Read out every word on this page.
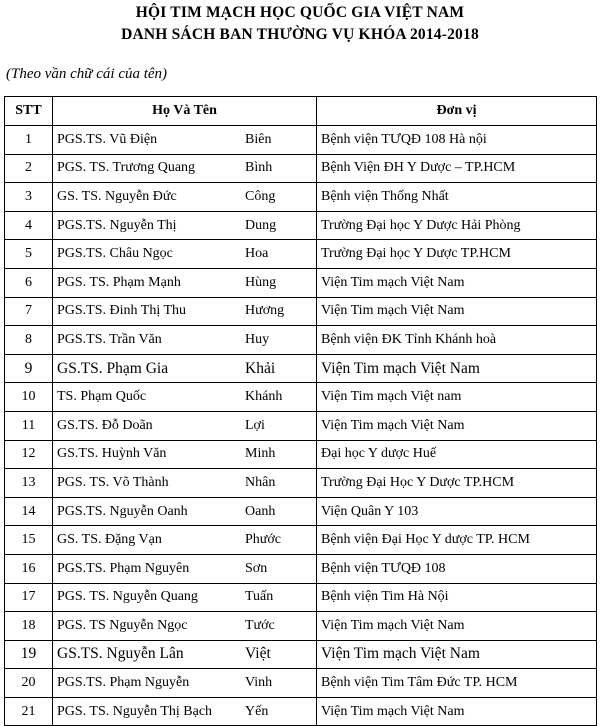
HỘI TIM MẠCH HỌC QUỐC GIA VIỆT NAM
DANH SÁCH BAN THƯỜNG VỤ KHÓA 2014-2018
(Theo vần chữ cái của tên)
STT	Họ Và Tên	Đơn vị
1	PGS.TS. Vũ Điện Biên	Bệnh viện TƯQĐ 108 Hà nội
2	PGS. TS. Trương Quang Bình	Bệnh Viện ĐH Y Dược – TP.HCM
3	GS. TS. Nguyễn Đức Công	Bệnh viện Thống Nhất
4	PGS.TS. Nguyễn Thị Dung	Trường Đại học Y Dược Hải Phòng
5	PGS.TS. Châu Ngọc Hoa	Trường Đại học Y Dược TP.HCM
6	PGS. TS. Phạm Mạnh Hùng	Viện Tim mạch Việt Nam
7	PGS.TS. Đinh Thị Thu Hương	Viện Tim mạch Việt Nam
8	PGS.TS. Trần Văn Huy	Bệnh viện ĐK Tỉnh Khánh hoà
9	GS.TS. Phạm Gia Khải	Viện Tim mạch Việt Nam
10	TS. Phạm Quốc Khánh	Viện Tim mạch Việt nam
11	GS.TS. Đỗ Doãn Lợi	Viện Tim mạch Việt Nam
12	GS.TS. Huỳnh Văn Minh	Đại học Y dược Huế
13	PGS. TS. Võ Thành Nhân	Trường Đại Học Y Dược TP.HCM
14	PGS.TS. Nguyễn Oanh Oanh	Viện Quân Y 103
15	GS. TS. Đặng Vạn Phước	Bệnh viện Đại Học Y dược TP. HCM
16	PGS.TS. Phạm Nguyên Sơn	Bệnh viện TƯQĐ 108
17	PGS. TS. Nguyễn Quang Tuấn	Bệnh viện Tim Hà Nội
18	PGS. TS Nguyễn Ngọc Tước	Viện Tim mạch Việt Nam
19	GS.TS. Nguyễn Lân Việt	Viện Tim mạch Việt Nam
20	PGS.TS. Phạm Nguyễn Vinh	Bệnh viện Tim Tâm Đức TP. HCM
21	PGS. TS. Nguyễn Thị Bạch Yến	Viện Tim mạch Việt Nam
